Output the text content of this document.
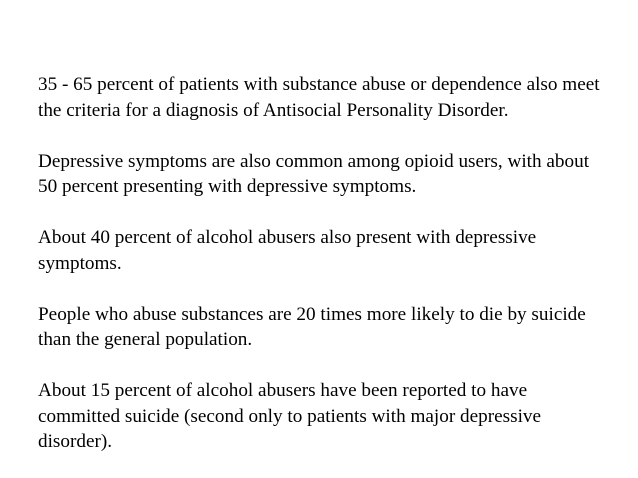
35 - 65 percent of patients with substance abuse or dependence also meet the criteria for a diagnosis of Antisocial Personality Disorder.

Depressive symptoms are also common among opioid users, with about 50 percent presenting with depressive symptoms.

About 40 percent of alcohol abusers also present with depressive symptoms.

People who abuse substances are 20 times more likely to die by suicide than the general population.

About 15 percent of alcohol abusers have been reported to have committed suicide (second only to patients with major depressive disorder).
